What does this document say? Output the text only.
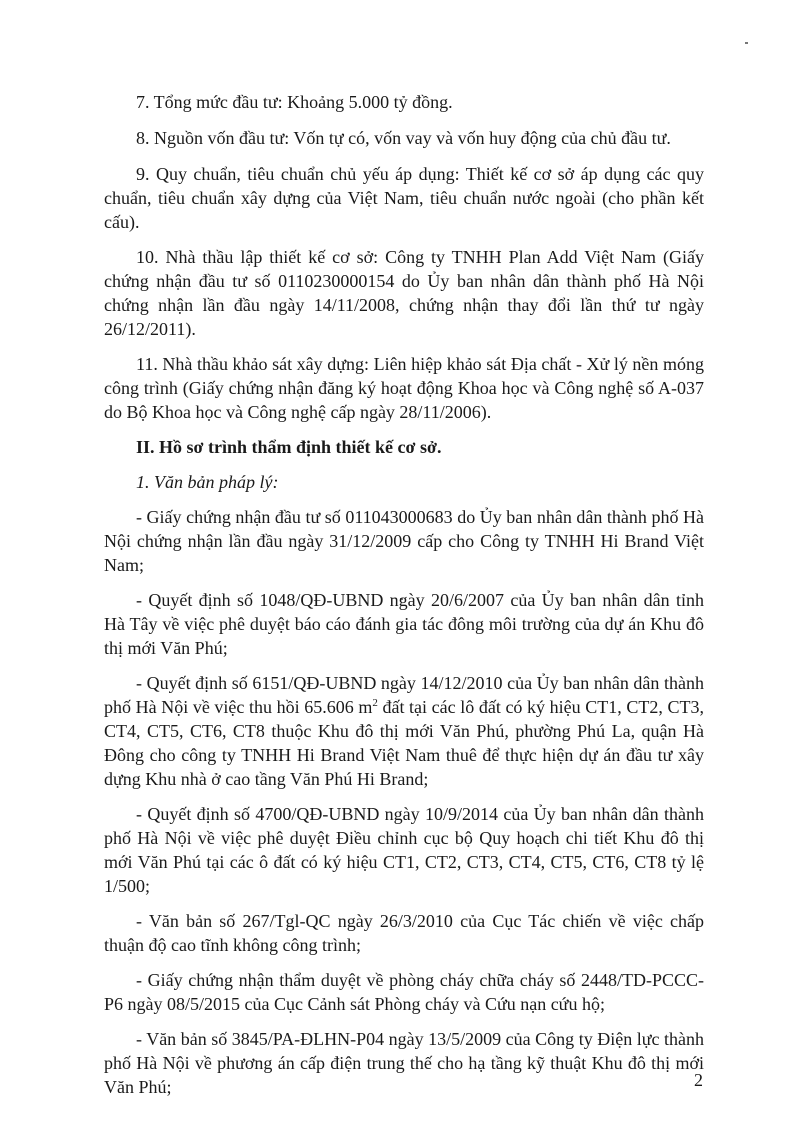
7. Tổng mức đầu tư: Khoảng 5.000 tỷ đồng.

8. Nguồn vốn đầu tư: Vốn tự có, vốn vay và vốn huy động của chủ đầu tư.

9. Quy chuẩn, tiêu chuẩn chủ yếu áp dụng: Thiết kế cơ sở áp dụng các quy chuẩn, tiêu chuẩn xây dựng của Việt Nam, tiêu chuẩn nước ngoài (cho phần kết cấu).

10. Nhà thầu lập thiết kế cơ sở: Công ty TNHH Plan Add Việt Nam (Giấy chứng nhận đầu tư số 0110230000154 do Ủy ban nhân dân thành phố Hà Nội chứng nhận lần đầu ngày 14/11/2008, chứng nhận thay đổi lần thứ tư ngày 26/12/2011).

11. Nhà thầu khảo sát xây dựng: Liên hiệp khảo sát Địa chất - Xử lý nền móng công trình (Giấy chứng nhận đăng ký hoạt động Khoa học và Công nghệ số A-037 do Bộ Khoa học và Công nghệ cấp ngày 28/11/2006).

II. Hồ sơ trình thẩm định thiết kế cơ sở.

1. Văn bản pháp lý:

- Giấy chứng nhận đầu tư số 011043000683 do Ủy ban nhân dân thành phố Hà Nội chứng nhận lần đầu ngày 31/12/2009 cấp cho Công ty TNHH Hi Brand Việt Nam;

- Quyết định số 1048/QĐ-UBND ngày 20/6/2007 của Ủy ban nhân dân tỉnh Hà Tây về việc phê duyệt báo cáo đánh gia tác đông môi trường của dự án Khu đô thị mới Văn Phú;

- Quyết định số 6151/QĐ-UBND ngày 14/12/2010 của Ủy ban nhân dân thành phố Hà Nội về việc thu hồi 65.606 $m^2$ đất tại các lô đất có ký hiệu CT1, CT2, CT3, CT4, CT5, CT6, CT8 thuộc Khu đô thị mới Văn Phú, phường Phú La, quận Hà Đông cho công ty TNHH Hi Brand Việt Nam thuê để thực hiện dự án đầu tư xây dựng Khu nhà ở cao tầng Văn Phú Hi Brand;

- Quyết định số 4700/QĐ-UBND ngày 10/9/2014 của Ủy ban nhân dân thành phố Hà Nội về việc phê duyệt Điều chỉnh cục bộ Quy hoạch chi tiết Khu đô thị mới Văn Phú tại các ô đất có ký hiệu CT1, CT2, CT3, CT4, CT5, CT6, CT8 tỷ lệ 1/500;

- Văn bản số 267/Tgl-QC ngày 26/3/2010 của Cục Tác chiến về việc chấp thuận độ cao tĩnh không công trình;

- Giấy chứng nhận thẩm duyệt về phòng cháy chữa cháy số 2448/TD-PCCC-P6 ngày 08/5/2015 của Cục Cảnh sát Phòng cháy và Cứu nạn cứu hộ;

- Văn bản số 3845/PA-ĐLHN-P04 ngày 13/5/2009 của Công ty Điện lực thành phố Hà Nội về phương án cấp điện trung thế cho hạ tầng kỹ thuật Khu đô thị mới Văn Phú;	2
